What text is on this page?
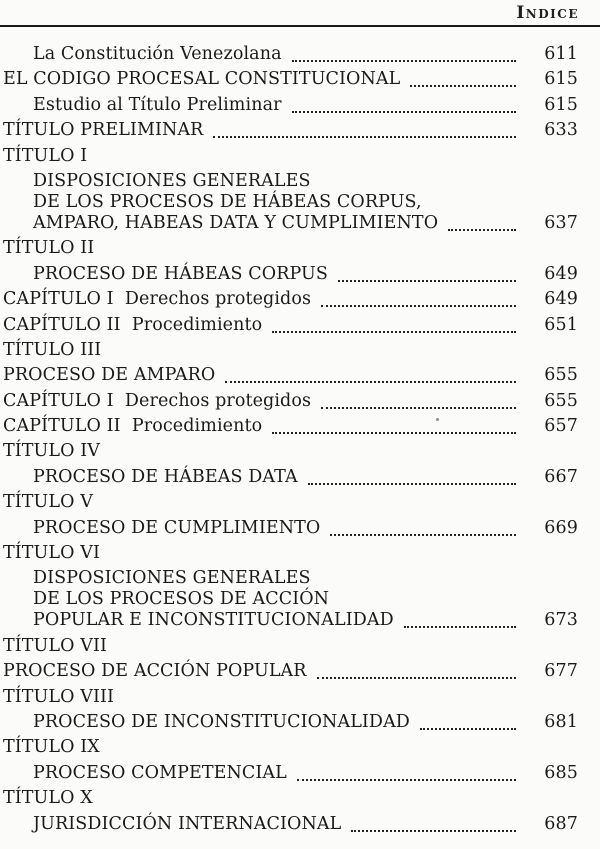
Indice
La Constitución Venezolana	611
EL CODIGO PROCESAL CONSTITUCIONAL	615
Estudio al Título Preliminar	615
TÍTULO PRELIMINAR	633
TÍTULO I
DISPOSICIONES GENERALES
DE LOS PROCESOS DE HÁBEAS CORPUS,
AMPARO, HABEAS DATA Y CUMPLIMIENTO	637
TÍTULO II
PROCESO DE HÁBEAS CORPUS	649
CAPÍTULO I  Derechos protegidos	649
CAPÍTULO II  Procedimiento	651
TÍTULO III
PROCESO DE AMPARO	655
CAPÍTULO I  Derechos protegidos	655
CAPÍTULO II  Procedimiento	657
TÍTULO IV
PROCESO DE HÁBEAS DATA	667
TÍTULO V
PROCESO DE CUMPLIMIENTO	669
TÍTULO VI
DISPOSICIONES GENERALES
DE LOS PROCESOS DE ACCIÓN
POPULAR E INCONSTITUCIONALIDAD	673
TÍTULO VII
PROCESO DE ACCIÓN POPULAR	677
TÍTULO VIII
PROCESO DE INCONSTITUCIONALIDAD	681
TÍTULO IX
PROCESO COMPETENCIAL	685
TÍTULO X
JURISDICCIÓN INTERNACIONAL	687
